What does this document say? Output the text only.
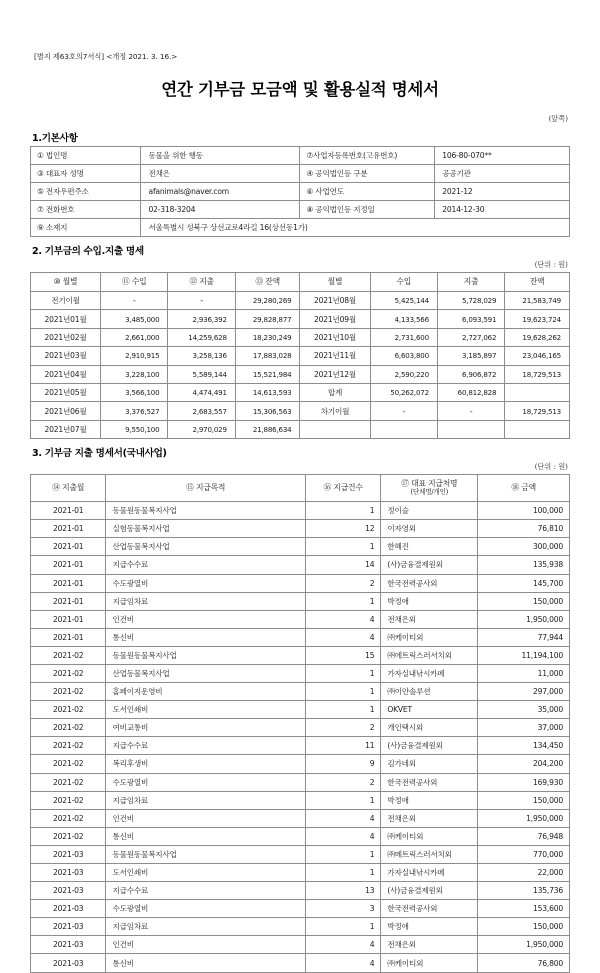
[별지 제63호의7서식] <개정 2021. 3. 16.>
연간 기부금 모금액 및 활용실적 명세서
(앞쪽)
1.기본사항
① 법인명	동물을 위한 행동	⑦사업자등록번호(고유번호)	106-80-070**
③ 대표자 성명	전채은	④ 공익법인등 구분	공공기관
⑤ 전자우편주소	afanimals@naver.com	⑥ 사업연도	2021-12
⑦ 전화번호	02-318-3204	⑧ 공익법인등 지정일	2014-12-30
⑨ 소재지	서울특별시 성북구 상선교로4라길 16(상선동1가)		
2. 기부금의 수입.지출 명세
(단위 : 원)
⑩ 월별	⑪ 수입	⑫ 지출	⑬ 잔액	월별	수입	지출	잔액
전기이월	-	-	29,280,269	2021년08월	5,425,144	5,728,029	21,583,749
2021년01월	3,485,000	2,936,392	29,828,877	2021년09월	4,133,566	6,093,591	19,623,724
2021년02월	2,661,000	14,259,628	18,230,249	2021년10월	2,731,600	2,727,062	19,628,262
2021년03월	2,910,915	3,258,136	17,883,028	2021년11월	6,603,800	3,185,897	23,046,165
2021년04월	3,228,100	5,589,144	15,521,984	2021년12월	2,590,220	6,906,872	18,729,513
2021년05월	3,566,100	4,474,491	14,613,593	합계	50,262,072	60,812,828	
2021년06월	3,376,527	2,683,557	15,306,563	차기이월	-	-	18,729,513
2021년07월	9,550,100	2,970,029	21,886,634				
3. 기부금 지출 명세서(국내사업)
(단위 : 원)
⑭ 지출월	⑮ 지급목적	⑯ 지급건수	⑰ 대표 지급처명
(단체명/개인)	⑱ 금액
2021-01	동물원동물복지사업	1	정이슬	100,000
2021-01	실험동물복지사업	12	이자영외	76,810
2021-01	산업동물복지사업	1	한혜진	300,000
2021-01	지급수수료	14	(사)금융결제원외	135,938
2021-01	수도광열비	2	한국전력공사외	145,700
2021-01	지급임차료	1	박정애	150,000
2021-01	인건비	4	전채은외	1,950,000
2021-01	통신비	4	㈜케이티외	77,944
2021-02	동물원동물복지사업	15	㈜에트릭스러서치외	11,194,100
2021-02	산업동물복지사업	1	가자실내낚시카페	11,000
2021-02	홈페이지운영비	1	㈜이안솔루션	297,000
2021-02	도서인쇄비	1	OKVET	35,000
2021-02	여비교통비	2	개인택시외	37,000
2021-02	지급수수료	11	(사)금융결제원외	134,450
2021-02	복리후생비	9	김가네외	204,200
2021-02	수도광열비	2	한국전력공사외	169,930
2021-02	지급임차료	1	박정애	150,000
2021-02	인건비	4	전채은외	1,950,000
2021-02	통신비	4	㈜케이티외	76,948
2021-03	동물원동물복지사업	1	㈜메트릭스러서치외	770,000
2021-03	도서인쇄비	1	가자실내낚시카페	22,000
2021-03	지급수수료	13	(사)금융결제원외	135,736
2021-03	수도광열비	3	한국전력공사외	153,600
2021-03	지급임차료	1	박정애	150,000
2021-03	인건비	4	전채은외	1,950,000
2021-03	통신비	4	㈜케이티외	76,800
